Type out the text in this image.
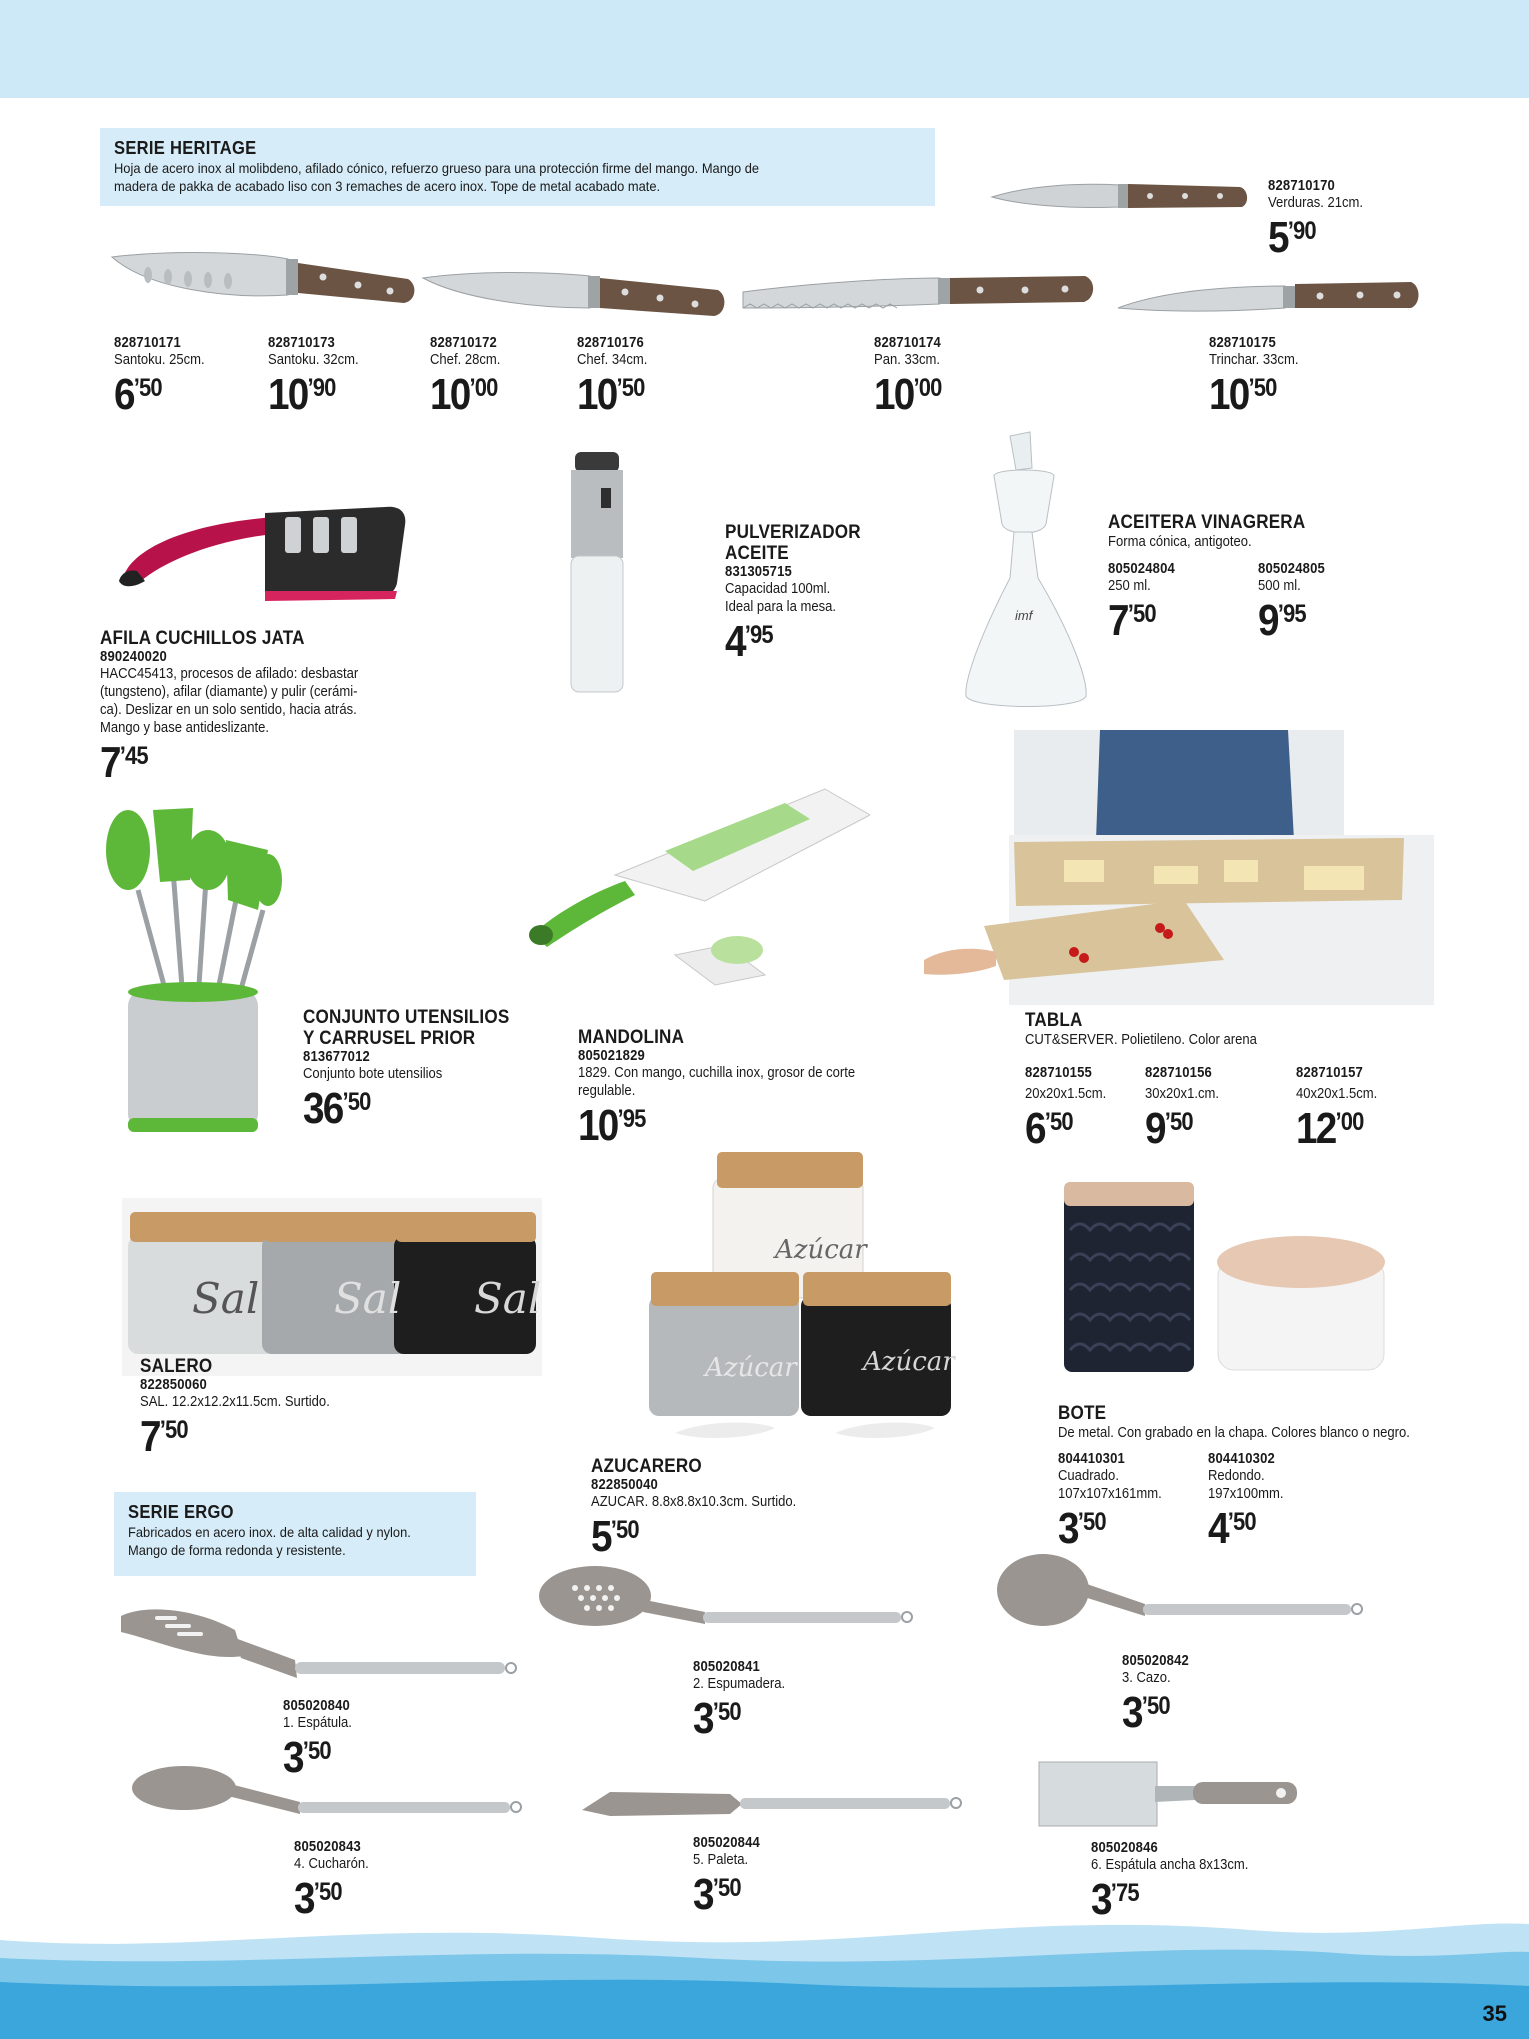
35
SERIE HERITAGE
Hoja de acero inox al molibdeno, afilado cónico, refuerzo grueso para una protección firme del mango. Mango de
madera de pakka de acabado liso con 3 remaches de acero inox. Tope de metal acabado mate.	828710170
Verduras. 21cm.
5’90
828710171
Santoku. 25cm.
6’50
828710173
Santoku. 32cm.
10’90
828710172
Chef. 28cm.
10’00
828710176
Chef. 34cm.
10’50
828710174
Pan. 33cm.
10’00
828710175
Trinchar. 33cm.
10’50
AFILA CUCHILLOS JATA
890240020
HACC45413, procesos de afilado: desbastar
(tungsteno), afilar (diamante) y pulir (cerámi-
ca). Deslizar en un solo sentido, hacia atrás.
Mango y base antideslizante.
7’45
PULVERIZADOR
ACEITE
831305715
Capacidad 100ml.
Ideal para la mesa.
4’95
imf
ACEITERA VINAGRERA
Forma cónica, antigoteo.
805024804
250 ml.
7’50
805024805
500 ml.
9’95
CONJUNTO UTENSILIOS
Y CARRUSEL PRIOR
813677012
Conjunto bote utensilios
36’50
MANDOLINA
805021829
1829. Con mango, cuchilla inox, grosor de corte
regulable.
10’95
TABLA
CUT&SERVER. Polietileno. Color arena
828710155
20x20x1.5cm.
6’50
828710156
30x20x1.cm.
9’50
828710157
40x20x1.5cm.
12’00
Sal Sal Sal
SALERO
822850060
SAL. 12.2x12.2x11.5cm. Surtido.
7’50
Azúcar
Azúcar	Azúcar
AZUCARERO
822850040
AZUCAR. 8.8x8.8x10.3cm. Surtido.
5’50
BOTE
De metal. Con grabado en la chapa. Colores blanco o negro.
804410301
Cuadrado.
107x107x161mm.
3’50
804410302
Redondo.
197x100mm.
4’50
SERIE ERGO
Fabricados en acero inox. de alta calidad y nylon.
Mango de forma redonda y resistente.
805020840
1. Espátula.
3’50
805020841
2. Espumadera.
3’50
805020842
3. Cazo.
3’50
805020843
4. Cucharón.
3’50
805020844
5. Paleta.
3’50
805020846
6. Espátula ancha 8x13cm.
3’75
